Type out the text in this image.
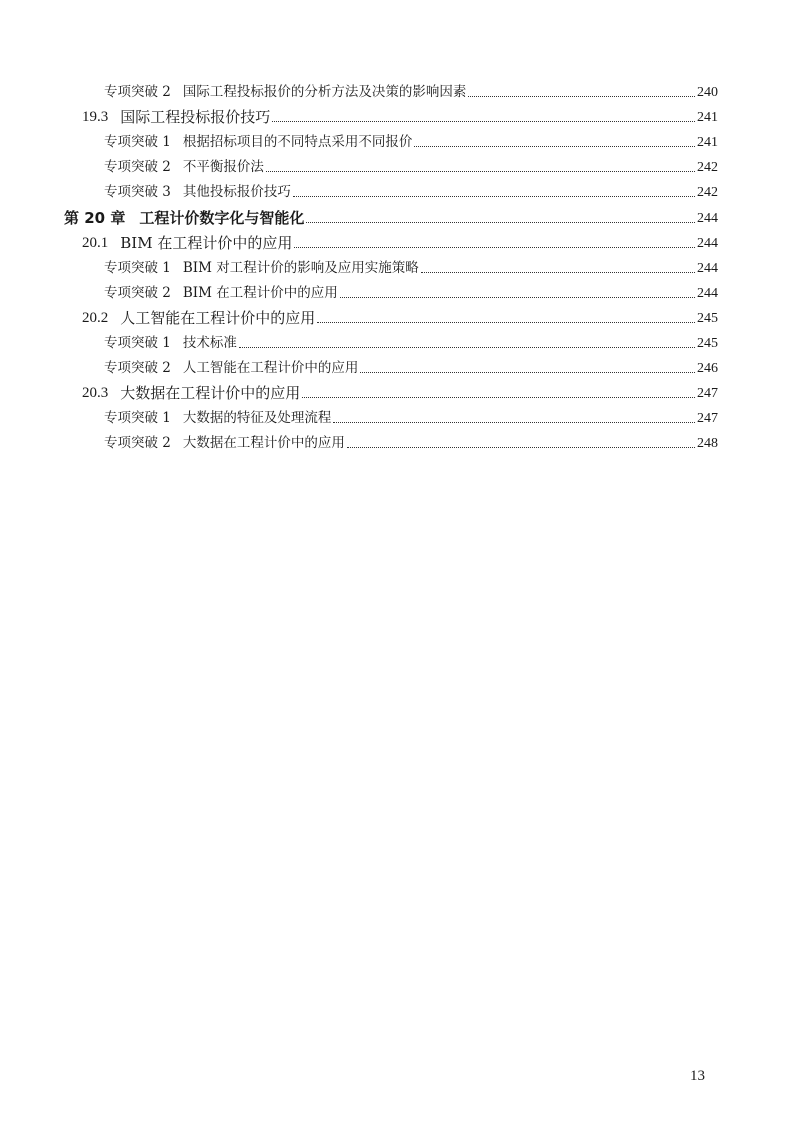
专项突破 2 国际工程投标报价的分析方法及决策的影响因素	240
19.3 国际工程投标报价技巧	241
专项突破 1 根据招标项目的不同特点采用不同报价	241
专项突破 2 不平衡报价法	242
专项突破 3 其他投标报价技巧	242
第 20 章 工程计价数字化与智能化	244
20.1 BIM 在工程计价中的应用	244
专项突破 1 BIM 对工程计价的影响及应用实施策略	244
专项突破 2 BIM 在工程计价中的应用	244
20.2 人工智能在工程计价中的应用	245
专项突破 1 技术标准	245
专项突破 2 人工智能在工程计价中的应用	246
20.3 大数据在工程计价中的应用	247
专项突破 1 大数据的特征及处理流程	247
专项突破 2 大数据在工程计价中的应用	248
13
